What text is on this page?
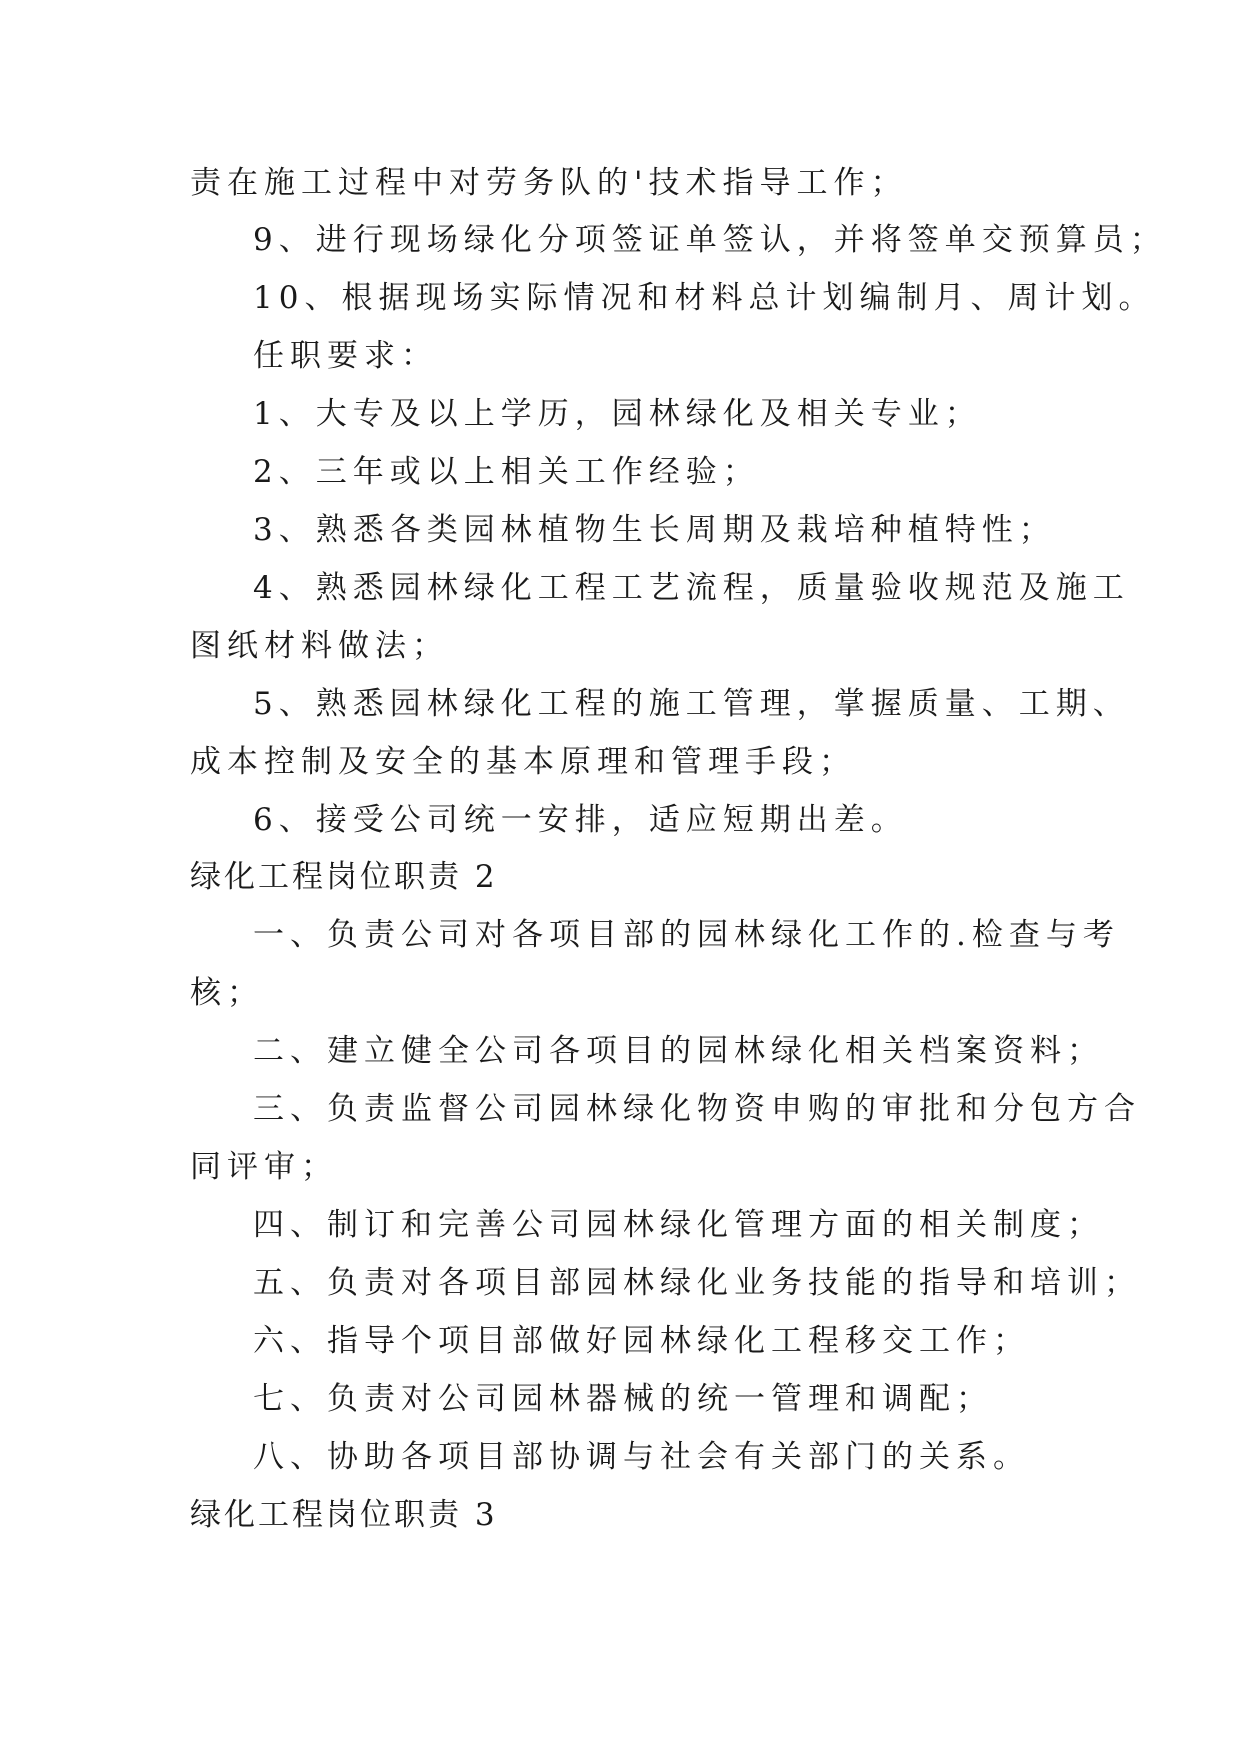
责在施工过程中对劳务队的'技术指导工作；
9、进行现场绿化分项签证单签认，并将签单交预算员；
10、根据现场实际情况和材料总计划编制月、周计划。
任职要求：
1、大专及以上学历，园林绿化及相关专业；
2、三年或以上相关工作经验；
3、熟悉各类园林植物生长周期及栽培种植特性；
4、熟悉园林绿化工程工艺流程，质量验收规范及施工
图纸材料做法；
5、熟悉园林绿化工程的施工管理，掌握质量、工期、
成本控制及安全的基本原理和管理手段；
6、接受公司统一安排，适应短期出差。
绿化工程岗位职责 2
一、负责公司对各项目部的园林绿化工作的.检查与考
核；
二、建立健全公司各项目的园林绿化相关档案资料；
三、负责监督公司园林绿化物资申购的审批和分包方合
同评审；
四、制订和完善公司园林绿化管理方面的相关制度；
五、负责对各项目部园林绿化业务技能的指导和培训；
六、指导个项目部做好园林绿化工程移交工作；
七、负责对公司园林器械的统一管理和调配；
八、协助各项目部协调与社会有关部门的关系。
绿化工程岗位职责 3
